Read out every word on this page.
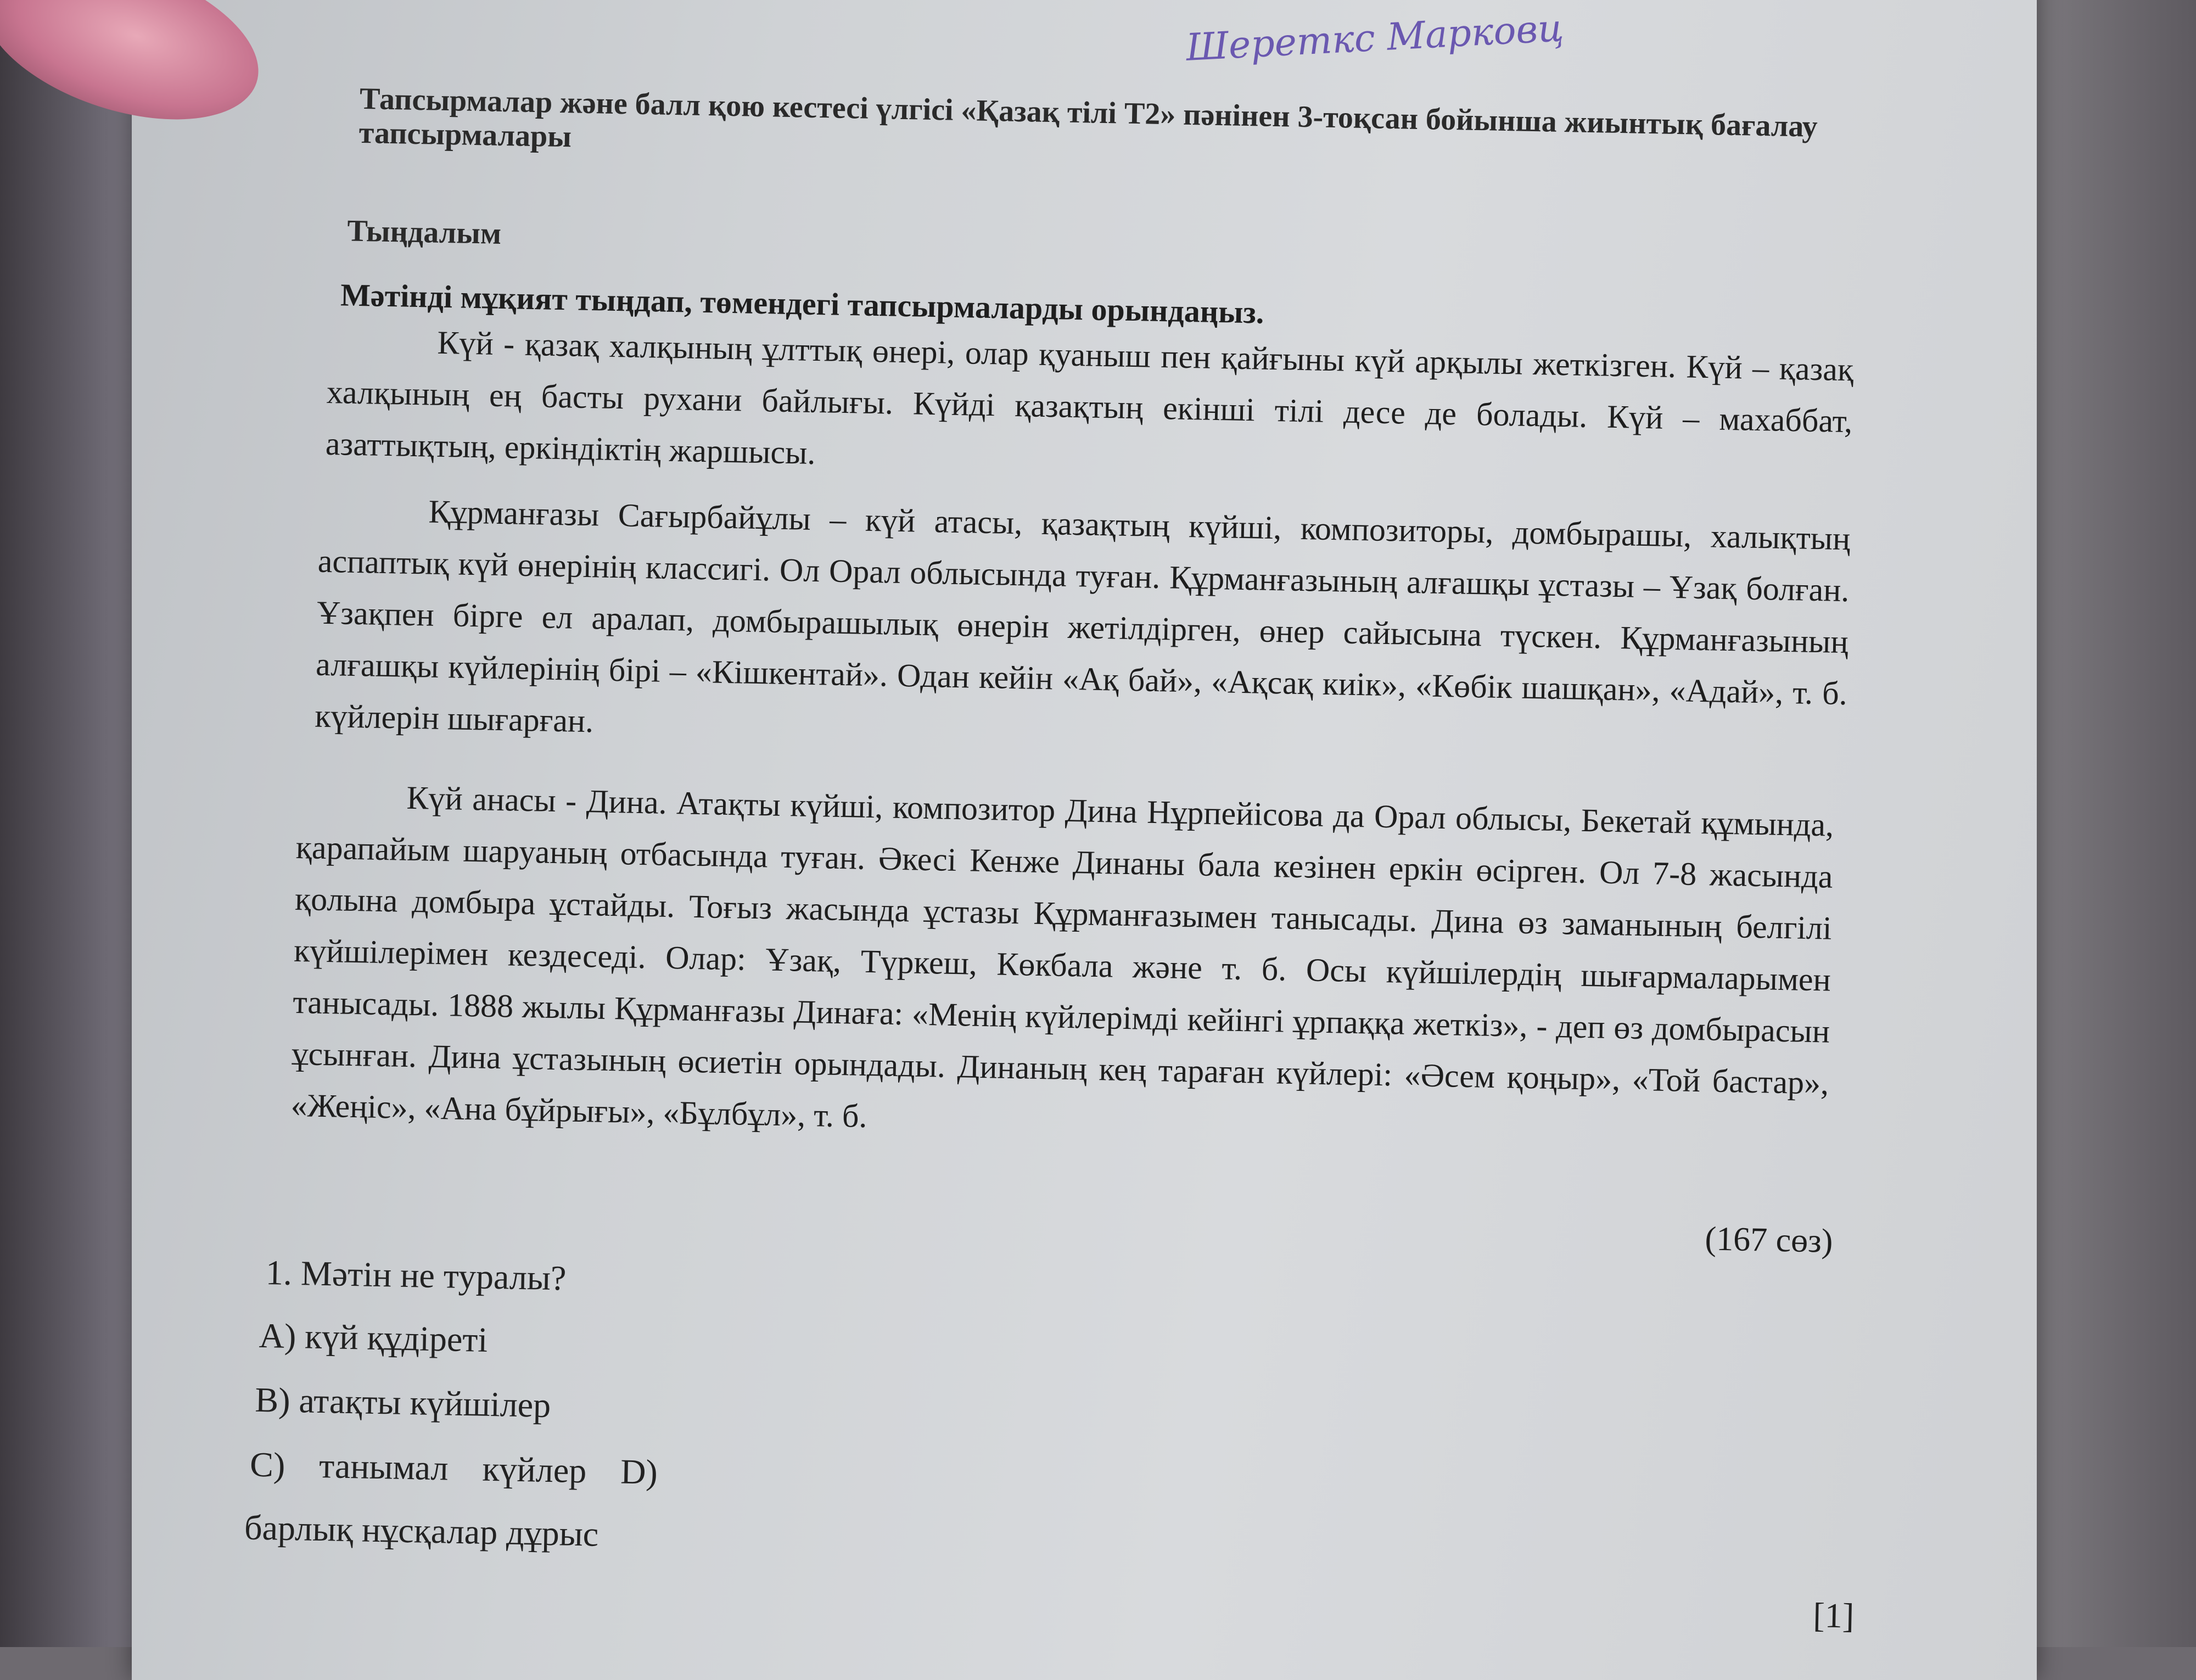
Шереткс Марковц
Тапсырмалар және балл қою кестесі үлгісі «Қазақ тілі Т2» пәнінен 3-тоқсан бойынша жиынтық бағалау тапсырмалары
Тыңдалым
Мәтінді мұқият тыңдап, төмендегі тапсырмаларды орындаңыз.
Күй - қазақ халқының ұлттық өнері, олар қуаныш пен қайғыны күй арқылы жеткізген. Күй – қазақ халқының ең басты рухани байлығы. Күйді қазақтың екінші тілі десе де болады. Күй – махаббат, азаттықтың, еркіндіктің жаршысы.
Құрманғазы Сағырбайұлы – күй атасы, қазақтың күйші, композиторы, домбырашы, халықтың аспаптық күй өнерінің классигі. Ол Орал облысында туған. Құрманғазының алғашқы ұстазы – Ұзақ болған. Ұзақпен бірге ел аралап, домбырашылық өнерін жетілдірген, өнер сайысына түскен. Құрманғазының алғашқы күйлерінің бірі – «Кішкентай». Одан кейін «Ақ бай», «Ақсақ киік», «Көбік шашқан», «Адай», т. б. күйлерін шығарған.
Күй анасы - Дина. Атақты күйші, композитор Дина Нұрпейісова да Орал облысы, Бекетай құмында, қарапайым шаруаның отбасында туған. Әкесі Кенже Динаны бала кезінен еркін өсірген. Ол 7-8 жасында қолына домбыра ұстайды. Тоғыз жасында ұстазы Құрманғазымен танысады. Дина өз заманының белгілі күйшілерімен кездеседі. Олар: Ұзақ, Түркеш, Көкбала және т. б. Осы күйшілердің шығармаларымен танысады. 1888 жылы Құрманғазы Динаға: «Менің күйлерімді кейінгі ұрпаққа жеткіз», - деп өз домбырасын ұсынған. Дина ұстазының өсиетін орындады. Динаның кең тараған күйлері: «Әсем қоңыр», «Той бастар», «Жеңіс», «Ана бұйрығы», «Бұлбұл», т. б.
(167 сөз)
1. Мәтін не туралы?
A) күй құдіреті
B) атақты күйшілер
C) танымал күйлер D)
барлық нұсқалар дұрыс
[1]
